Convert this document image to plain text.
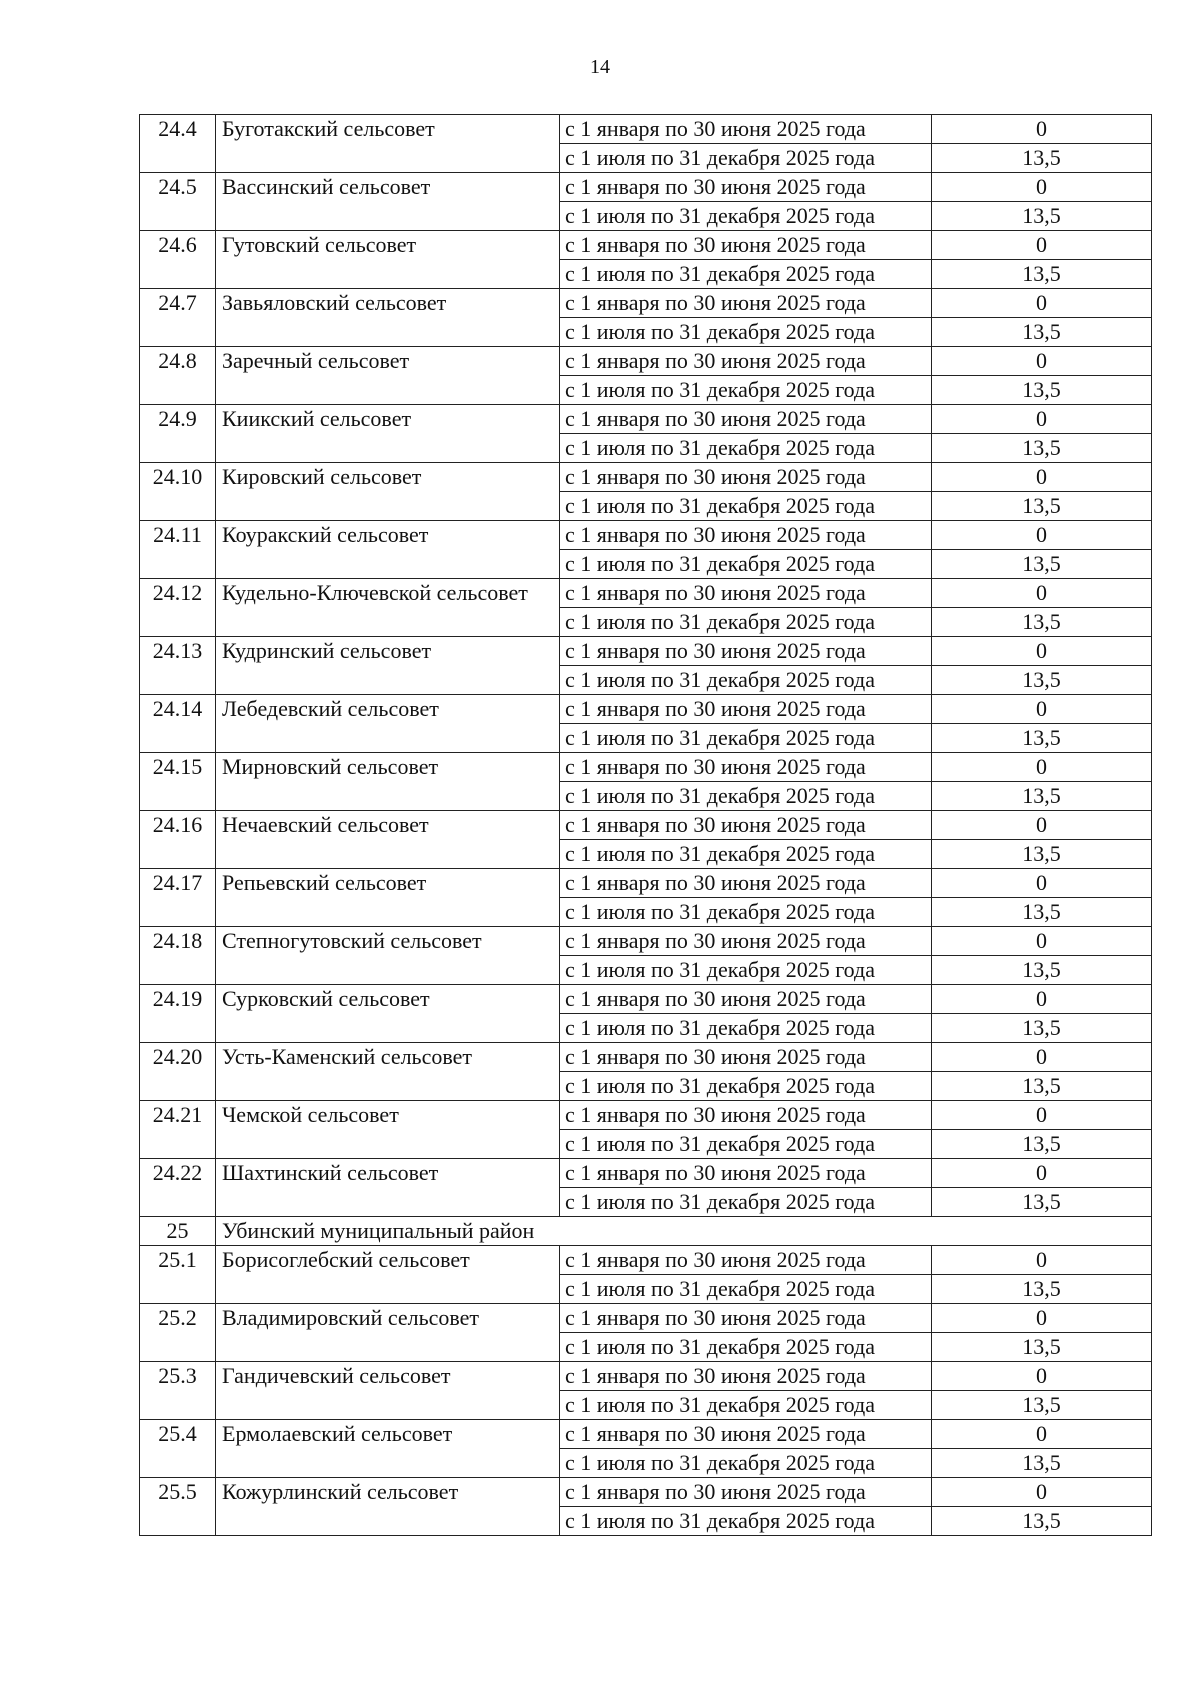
14
24.4	Буготакский сельсовет	с 1 января по 30 июня 2025 года	0
		с 1 июля по 31 декабря 2025 года	13,5
24.5	Вассинский сельсовет	с 1 января по 30 июня 2025 года	0
		с 1 июля по 31 декабря 2025 года	13,5
24.6	Гутовский сельсовет	с 1 января по 30 июня 2025 года	0
		с 1 июля по 31 декабря 2025 года	13,5
24.7	Завьяловский сельсовет	с 1 января по 30 июня 2025 года	0
		с 1 июля по 31 декабря 2025 года	13,5
24.8	Заречный сельсовет	с 1 января по 30 июня 2025 года	0
		с 1 июля по 31 декабря 2025 года	13,5
24.9	Киикский сельсовет	с 1 января по 30 июня 2025 года	0
		с 1 июля по 31 декабря 2025 года	13,5
24.10	Кировский сельсовет	с 1 января по 30 июня 2025 года	0
		с 1 июля по 31 декабря 2025 года	13,5
24.11	Коуракский сельсовет	с 1 января по 30 июня 2025 года	0
		с 1 июля по 31 декабря 2025 года	13,5
24.12	Кудельно-Ключевской сельсовет	с 1 января по 30 июня 2025 года	0
		с 1 июля по 31 декабря 2025 года	13,5
24.13	Кудринский сельсовет	с 1 января по 30 июня 2025 года	0
		с 1 июля по 31 декабря 2025 года	13,5
24.14	Лебедевский сельсовет	с 1 января по 30 июня 2025 года	0
		с 1 июля по 31 декабря 2025 года	13,5
24.15	Мирновский сельсовет	с 1 января по 30 июня 2025 года	0
		с 1 июля по 31 декабря 2025 года	13,5
24.16	Нечаевский сельсовет	с 1 января по 30 июня 2025 года	0
		с 1 июля по 31 декабря 2025 года	13,5
24.17	Репьевский сельсовет	с 1 января по 30 июня 2025 года	0
		с 1 июля по 31 декабря 2025 года	13,5
24.18	Степногутовский сельсовет	с 1 января по 30 июня 2025 года	0
		с 1 июля по 31 декабря 2025 года	13,5
24.19	Сурковский сельсовет	с 1 января по 30 июня 2025 года	0
		с 1 июля по 31 декабря 2025 года	13,5
24.20	Усть-Каменский сельсовет	с 1 января по 30 июня 2025 года	0
		с 1 июля по 31 декабря 2025 года	13,5
24.21	Чемской сельсовет	с 1 января по 30 июня 2025 года	0
		с 1 июля по 31 декабря 2025 года	13,5
24.22	Шахтинский сельсовет	с 1 января по 30 июня 2025 года	0
		с 1 июля по 31 декабря 2025 года	13,5
25	Убинский муниципальный район		
25.1	Борисоглебский сельсовет	с 1 января по 30 июня 2025 года	0
		с 1 июля по 31 декабря 2025 года	13,5
25.2	Владимировский сельсовет	с 1 января по 30 июня 2025 года	0
		с 1 июля по 31 декабря 2025 года	13,5
25.3	Гандичевский сельсовет	с 1 января по 30 июня 2025 года	0
		с 1 июля по 31 декабря 2025 года	13,5
25.4	Ермолаевский сельсовет	с 1 января по 30 июня 2025 года	0
		с 1 июля по 31 декабря 2025 года	13,5
25.5	Кожурлинский сельсовет	с 1 января по 30 июня 2025 года	0
		с 1 июля по 31 декабря 2025 года	13,5
